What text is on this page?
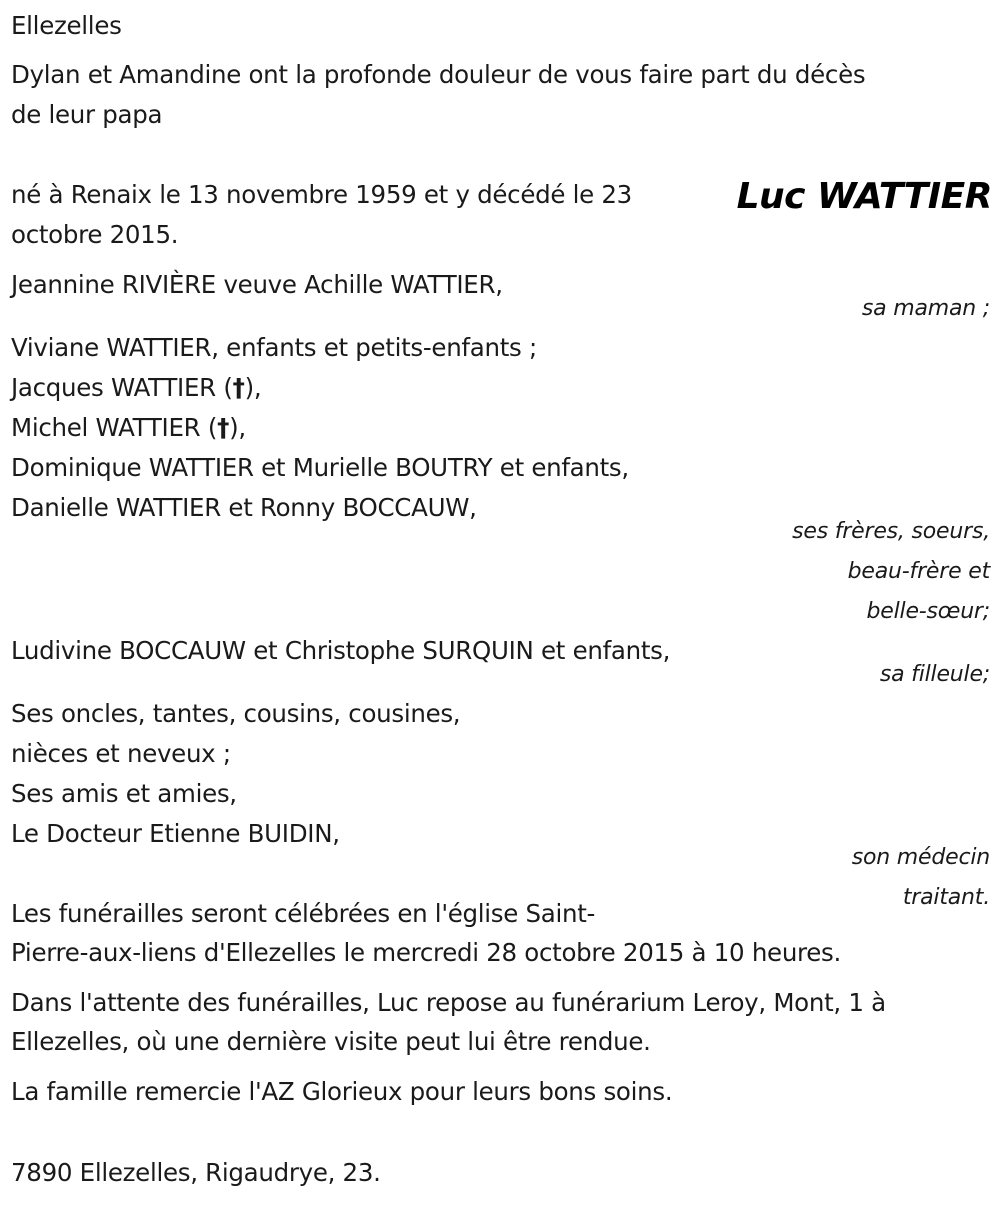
Ellezelles
Dylan et Amandine ont la profonde douleur de vous faire part du décès
de leur papa
né à Renaix le 13 novembre 1959 et y décédé le 23
octobre 2015.
Luc WATTIER
Jeannine RIVIÈRE veuve Achille WATTIER,
sa maman ;
Viviane WATTIER, enfants et petits-enfants ;
Jacques WATTIER (†),
Michel WATTIER (†),
Dominique WATTIER et Murielle BOUTRY et enfants,
Danielle WATTIER et Ronny BOCCAUW,
ses frères, soeurs,
beau-frère et
belle-sœur;
Ludivine BOCCAUW et Christophe SURQUIN et enfants,
sa filleule;
Ses oncles, tantes, cousins, cousines,
nièces et neveux ;
Ses amis et amies,
Le Docteur Etienne BUIDIN,
son médecin
traitant.
Les funérailles seront célébrées en l'église Saint-
Pierre-aux-liens d'Ellezelles le mercredi 28 octobre 2015 à 10 heures.
Dans l'attente des funérailles, Luc repose au funérarium Leroy, Mont, 1 à
Ellezelles, où une dernière visite peut lui être rendue.
La famille remercie l'AZ Glorieux pour leurs bons soins.
7890 Ellezelles, Rigaudrye, 23.
